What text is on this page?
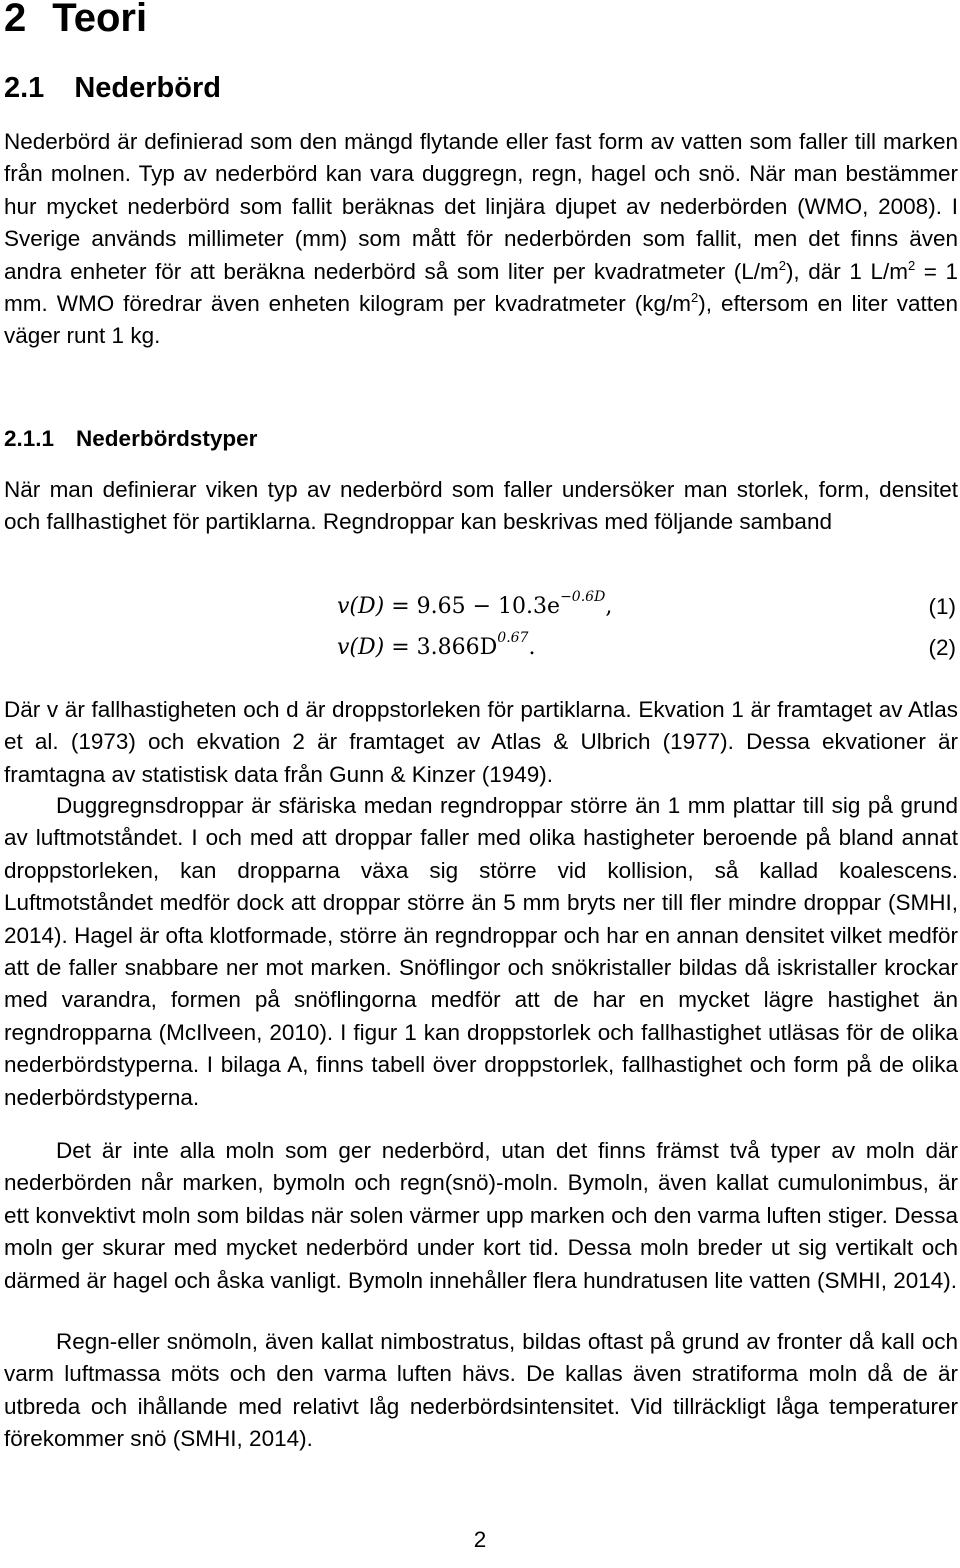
2 Teori
2.1 Nederbörd

Nederbörd är definierad som den mängd flytande eller fast form av vatten som faller till marken från molnen. Typ av nederbörd kan vara duggregn, regn, hagel och snö. När man bestämmer hur mycket nederbörd som fallit beräknas det linjära djupet av nederbörden (WMO, 2008). I Sverige används millimeter (mm) som mått för nederbörden som fallit, men det finns även andra enheter för att beräkna nederbörd så som liter per kvadratmeter $(L/m^2)$, där 1 $L/m^2 = 1$ mm. WMO föredrar även enheten kilogram per kvadratmeter $(kg/m^2)$, eftersom en liter vatten väger runt 1 kg.

2.1.1 Nederbördstyper

När man definierar viken typ av nederbörd som faller undersöker man storlek, form, densitet och fallhastighet för partiklarna. Regndroppar kan beskrivas med följande samband

$v(D) = 9.65 - 10.3e^{-0.6D}$,	(1)
$v(D) = 3.866D^{0.67}$.	(2)

Där v är fallhastigheten och d är droppstorleken för partiklarna. Ekvation 1 är framtaget av Atlas et al. (1973) och ekvation 2 är framtaget av Atlas & Ulbrich (1977). Dessa ekvationer är framtagna av statistisk data från Gunn & Kinzer (1949).

Duggregnsdroppar är sfäriska medan regndroppar större än 1 mm plattar till sig på grund av luftmotståndet. I och med att droppar faller med olika hastigheter beroende på bland annat droppstorleken, kan dropparna växa sig större vid kollision, så kallad koalescens. Luftmotståndet medför dock att droppar större än 5 mm bryts ner till fler mindre droppar (SMHI, 2014). Hagel är ofta klotformade, större än regndroppar och har en annan densitet vilket medför att de faller snabbare ner mot marken. Snöflingor och snökristaller bildas då iskristaller krockar med varandra, formen på snöflingorna medför att de har en mycket lägre hastighet än regndropparna (McIlveen, 2010). I figur 1 kan droppstorlek och fallhastighet utläsas för de olika nederbördstyperna. I bilaga A, finns tabell över droppstorlek, fallhastighet och form på de olika nederbördstyperna.

Det är inte alla moln som ger nederbörd, utan det finns främst två typer av moln där nederbörden når marken, bymoln och regn(snö)-moln. Bymoln, även kallat cumulonimbus, är ett konvektivt moln som bildas när solen värmer upp marken och den varma luften stiger. Dessa moln ger skurar med mycket nederbörd under kort tid. Dessa moln breder ut sig vertikalt och därmed är hagel och åska vanligt. Bymoln innehåller flera hundratusen lite vatten (SMHI, 2014).

Regn-eller snömoln, även kallat nimbostratus, bildas oftast på grund av fronter då kall och varm luftmassa möts och den varma luften hävs. De kallas även stratiforma moln då de är utbreda och ihållande med relativt låg nederbördsintensitet. Vid tillräckligt låga temperaturer förekommer snö (SMHI, 2014).

2
